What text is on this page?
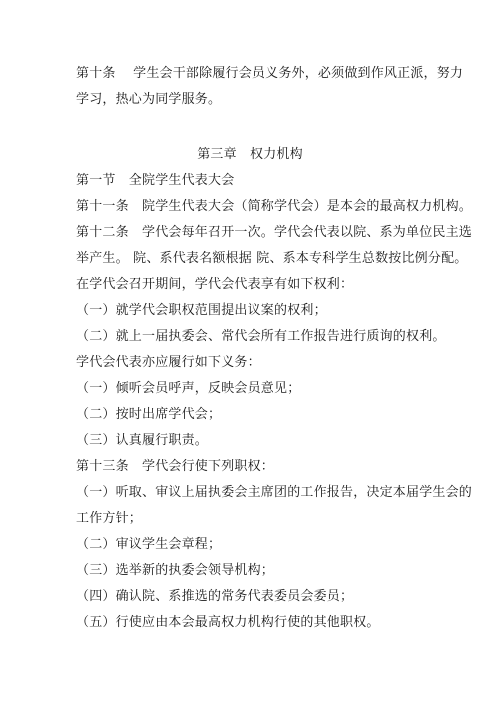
第十条　 学生会干部除履行会员义务外，必须做到作风正派，努力
学习，热心为同学服务。
第三章　权力机构
第一节　全院学生代表大会
第十一条　院学生代表大会（简称学代会）是本会的最高权力机构。
第十二条　学代会每年召开一次。学代会代表以院、系为单位民主选
举产生。 院、系代表名额根据 院、系本专科学生总数按比例分配。
在学代会召开期间，学代会代表享有如下权利：
（一）就学代会职权范围提出议案的权利；
（二）就上一届执委会、常代会所有工作报告进行质询的权利。
学代会代表亦应履行如下义务：
（一）倾听会员呼声，反映会员意见；
（二）按时出席学代会；
（三）认真履行职责。
第十三条　学代会行使下列职权：
（一）听取、审议上届执委会主席团的工作报告，决定本届学生会的
工作方针；
（二）审议学生会章程；
（三）选举新的执委会领导机构；
（四）确认院、系推选的常务代表委员会委员；
（五）行使应由本会最高权力机构行使的其他职权。
